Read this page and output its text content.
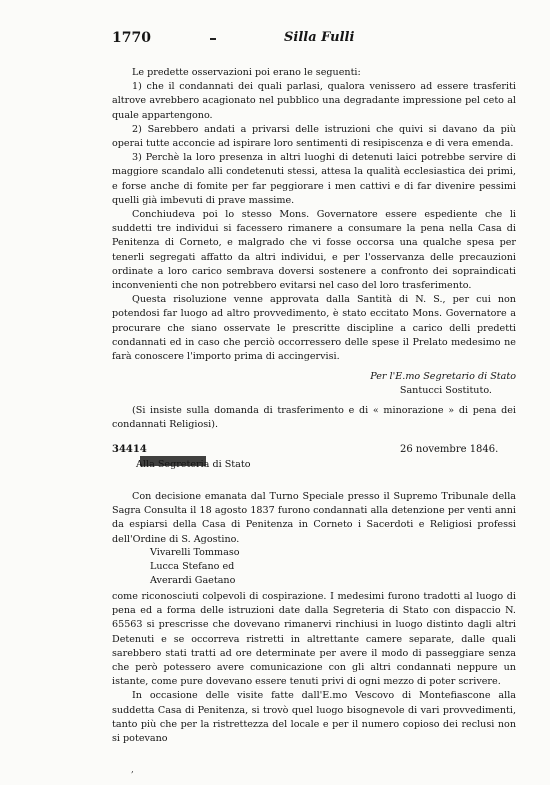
1770	Silla Fulli

Le predette osservazioni poi erano le seguenti:

1) che il condannati dei quali parlasi, qualora venissero ad essere trasferiti altrove avrebbero acagionato nel pubblico una degradante impressione pel ceto al quale appartengono.

2) Sarebbero andati a privarsi delle istruzioni che quivi si davano da più operai tutte acconcie ad ispirare loro sentimenti di resipiscenza e di vera emenda.

3) Perchè la loro presenza in altri luoghi di detenuti laici potrebbe servire di maggiore scandalo alli condetenuti stessi, attesa la qualità ecclesiastica dei primi, e forse anche di fomite per far peggiorare i men cattivi e di far divenire pessimi quelli già imbevuti di prave massime.

Conchiudeva poi lo stesso Mons. Governatore essere espediente che li suddetti tre individui si facessero rimanere a consumare la pena nella Casa di Penitenza di Corneto, e malgrado che vi fosse occorsa una qualche spesa per tenerli segregati affatto da altri individui, e per l'osservanza delle precauzioni ordinate a loro carico sembrava doversi sostenere a confronto dei sopraindicati inconvenienti che non potrebbero evitarsi nel caso del loro trasferimento.

Questa risoluzione venne approvata dalla Santità di N. S., per cui non potendosi far luogo ad altro provvedimento, è stato eccitato Mons. Governatore a procurare che siano osservate le prescritte discipline a carico delli predetti condannati ed in caso che perciò occorressero delle spese il Prelato medesimo ne farà conoscere l'importo prima di accingervisi.

Per l'E.mo Segretario di Stato

Santucci Sostituto.

(Si insiste sulla domanda di trasferimento e di « minorazione » di pena dei condannati Religiosi).

34414	26 novembre 1846.

Alla Segreteria di Stato

Con decisione emanata dal Turno Speciale presso il Supremo Tribunale della Sagra Consulta il 18 agosto 1837 furono condannati alla detenzione per venti anni da espiarsi della Casa di Penitenza in Corneto i Sacerdoti e Religiosi professi dell'Ordine di S. Agostino.

Vivarelli Tommaso
Lucca Stefano ed
Averardi Gaetano

come riconosciuti colpevoli di cospirazione. I medesimi furono tradotti al luogo di pena ed a forma delle istruzioni date dalla Segreteria di Stato con dispaccio N. 65563 si prescrisse che dovevano rimanervi rinchiusi in luogo distinto dagli altri Detenuti e se occorreva ristretti in altrettante camere separate, dalle quali sarebbero stati tratti ad ore determinate per avere il modo di passeggiare senza che però potessero avere comunicazione con gli altri condannati neppure un istante, come pure dovevano essere tenuti privi di ogni mezzo di poter scrivere.

In occasione delle visite fatte dall'E.mo Vescovo di Montefiascone alla suddetta Casa di Penitenza, si trovò quel luogo bisognevole di vari provvedimenti, tanto più che per la ristrettezza del locale e per il numero copioso dei reclusi non si potevano

,
